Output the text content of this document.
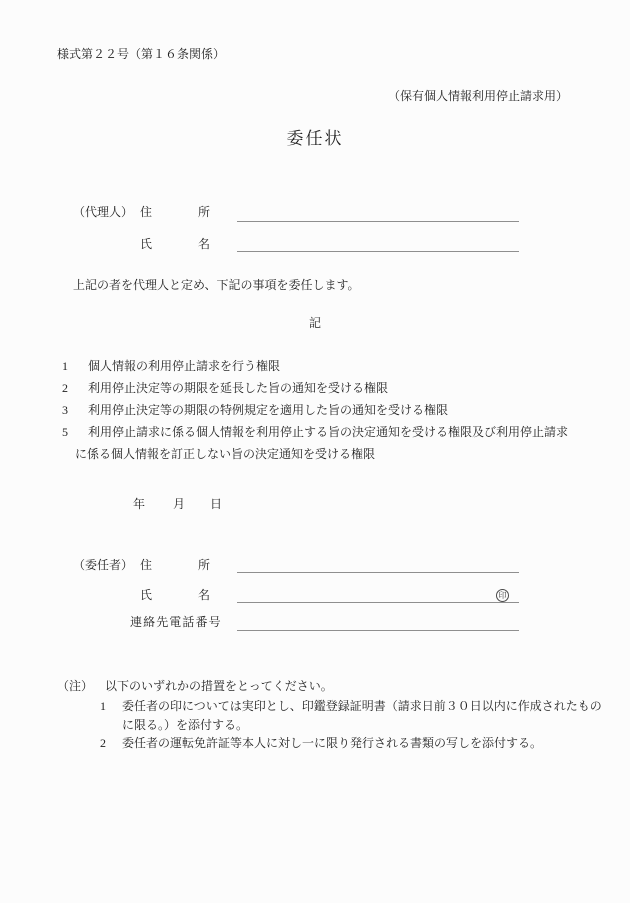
様式第２２号（第１６条関係）
（保有個人情報利用停止請求用）
委任状
（代理人） 住	所
氏	名
上記の者を代理人と定め、下記の事項を委任します。
記
1 個人情報の利用停止請求を行う権限
2 利用停止決定等の期限を延長した旨の通知を受ける権限
3 利用停止決定等の期限の特例規定を適用した旨の通知を受ける権限
5 利用停止請求に係る個人情報を利用停止する旨の決定通知を受ける権限及び利用停止請求に係る個人情報を訂正しない旨の決定通知を受ける権限
年 月 日
（委任者） 住	所
氏	名	印
連絡先電話番号
（注） 以下のいずれかの措置をとってください。
1 委任者の印については実印とし、印鑑登録証明書（請求日前３０日以内に作成されたもの
に限る。）を添付する。
2 委任者の運転免許証等本人に対し一に限り発行される書類の写しを添付する。
